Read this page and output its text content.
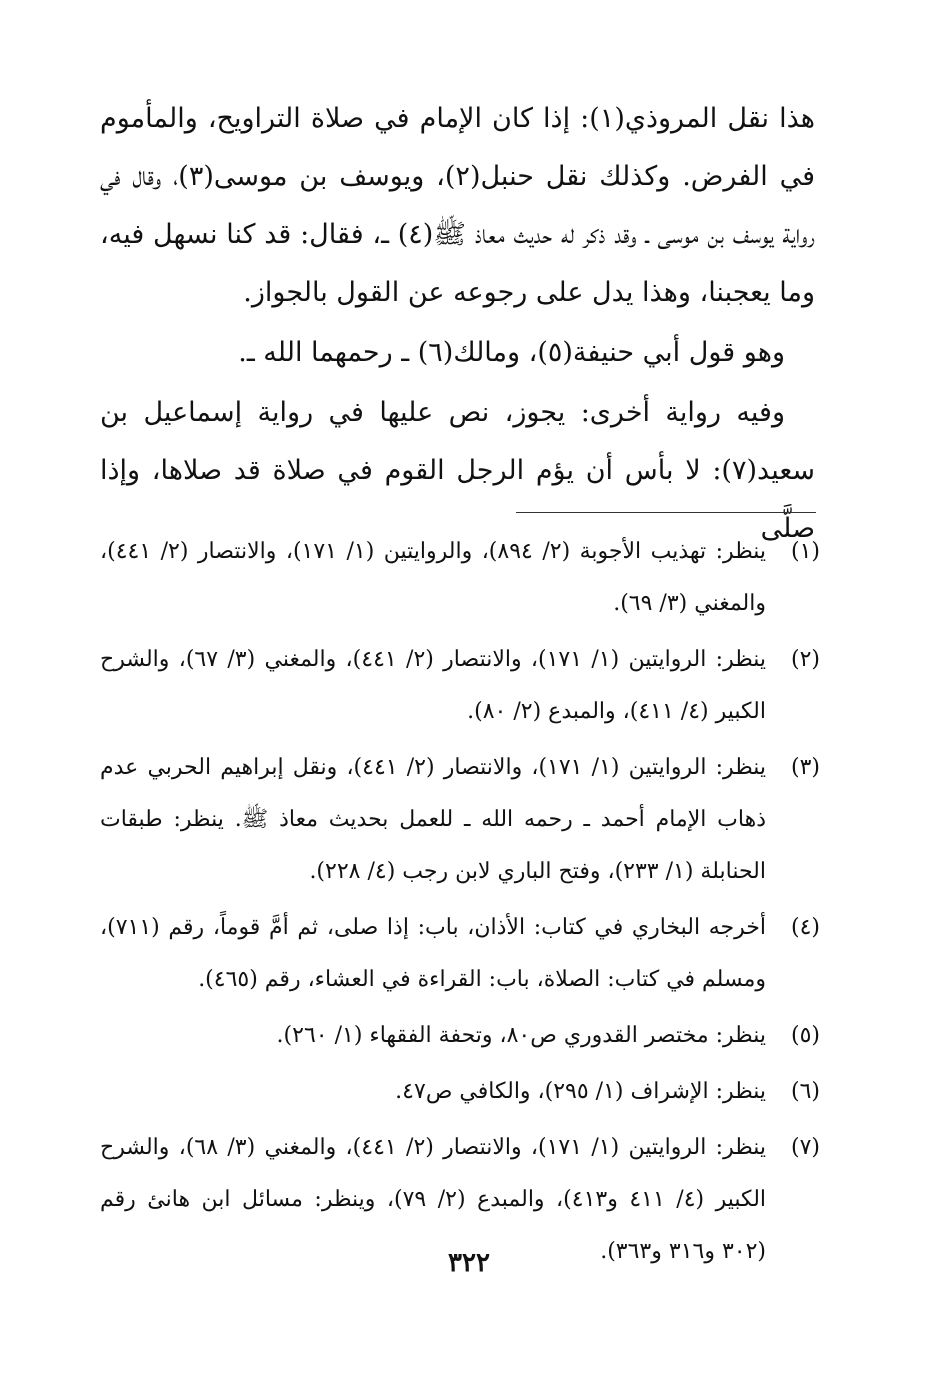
هذا نقل المروذي(١): إذا كان الإمام في صلاة التراويح، والمأموم في الفرض. وكذلك نقل حنبل(٢)، ويوسف بن موسى(٣)، وقال في رواية يوسف بن موسى ـ وقد ذكر له حديث معاذ ﷺ(٤) ـ، فقال: قد كنا نسهل فيه، وما يعجبنا، وهذا يدل على رجوعه عن القول بالجواز.

وهو قول أبي حنيفة(٥)، ومالك(٦) ـ رحمهما الله ـ.

وفيه رواية أخرى: يجوز، نص عليها في رواية إسماعيل بن سعيد(٧): لا بأس أن يؤم الرجل القوم في صلاة قد صلاها، وإذا صلَّى

(١)
ينظر: تهذيب الأجوبة (٢/ ٨٩٤)، والروايتين (١/ ١٧١)، والانتصار (٢/ ٤٤١)، والمغني (٣/ ٦٩).
(٢)
ينظر: الروايتين (١/ ١٧١)، والانتصار (٢/ ٤٤١)، والمغني (٣/ ٦٧)، والشرح الكبير (٤/ ٤١١)، والمبدع (٢/ ٨٠).
(٣)
ينظر: الروايتين (١/ ١٧١)، والانتصار (٢/ ٤٤١)، ونقل إبراهيم الحربي عدم ذهاب الإمام أحمد ـ رحمه الله ـ للعمل بحديث معاذ ﷺ. ينظر: طبقات الحنابلة (١/ ٢٣٣)، وفتح الباري لابن رجب (٤/ ٢٢٨).
(٤)
أخرجه البخاري في كتاب: الأذان، باب: إذا صلى، ثم أمَّ قوماً، رقم (٧١١)، ومسلم في كتاب: الصلاة، باب: القراءة في العشاء، رقم (٤٦٥).
(٥)
ينظر: مختصر القدوري ص٨٠، وتحفة الفقهاء (١/ ٢٦٠).
(٦)
ينظر: الإشراف (١/ ٢٩٥)، والكافي ص٤٧.
(٧)
ينظر: الروايتين (١/ ١٧١)، والانتصار (٢/ ٤٤١)، والمغني (٣/ ٦٨)، والشرح الكبير (٤/ ٤١١ و٤١٣)، والمبدع (٢/ ٧٩)، وينظر: مسائل ابن هانئ رقم (٣٠٢ و٣١٦ و٣٦٣).
٣٢٢
